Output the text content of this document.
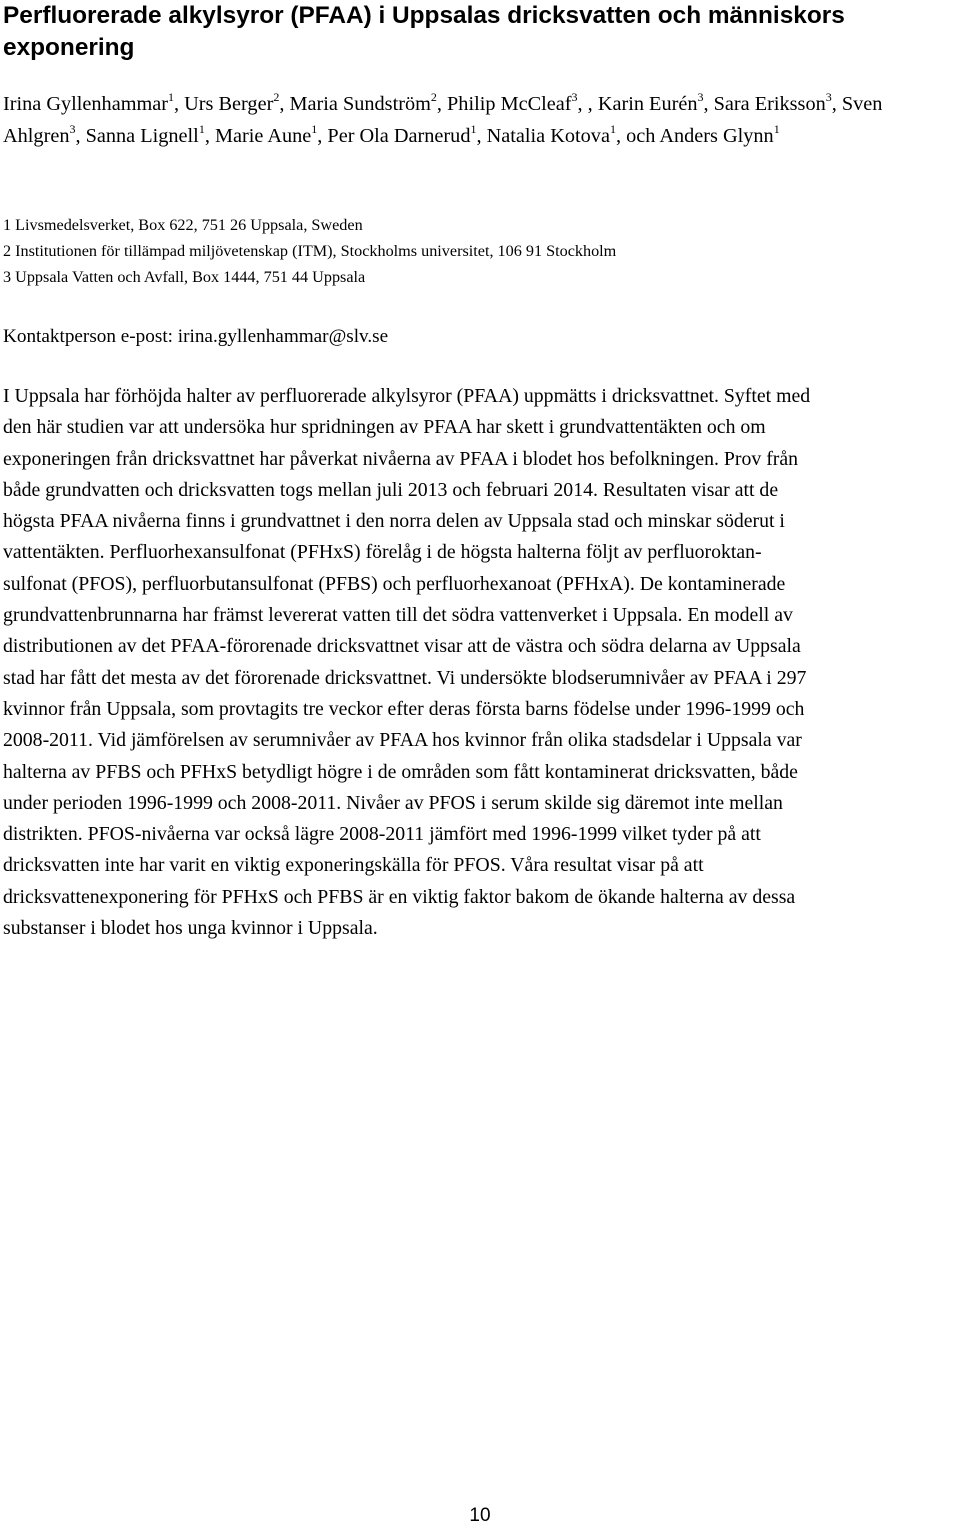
Perfluorerade alkylsyror (PFAA) i Uppsalas dricksvatten och människors exponering
Irina Gyllenhammar$^1$, Urs Berger$^2$, Maria Sundström$^2$, Philip McCleaf$^3$, , Karin Eurén$^3$, Sara Eriksson$^3$, Sven Ahlgren$^3$, Sanna Lignell$^1$, Marie Aune$^1$, Per Ola Darnerud$^1$, Natalia Kotova$^1$, och Anders Glynn$^1$
1 Livsmedelsverket, Box 622, 751 26 Uppsala, Sweden
2 Institutionen för tillämpad miljövetenskap (ITM), Stockholms universitet, 106 91 Stockholm
3 Uppsala Vatten och Avfall, Box 1444, 751 44 Uppsala
Kontaktperson e-post: irina.gyllenhammar@slv.se
I Uppsala har förhöjda halter av perfluorerade alkylsyror (PFAA) uppmätts i dricksvattnet. Syftet med
den här studien var att undersöka hur spridningen av PFAA har skett i grundvattentäkten och om
exponeringen från dricksvattnet har påverkat nivåerna av PFAA i blodet hos befolkningen. Prov från
både grundvatten och dricksvatten togs mellan juli 2013 och februari 2014. Resultaten visar att de
högsta PFAA nivåerna finns i grundvattnet i den norra delen av Uppsala stad och minskar söderut i
vattentäkten. Perfluorhexansulfonat (PFHxS) förelåg i de högsta halterna följt av perfluoroktan-
sulfonat (PFOS), perfluorbutansulfonat (PFBS) och perfluorhexanoat (PFHxA). De kontaminerade
grundvattenbrunnarna har främst levererat vatten till det södra vattenverket i Uppsala. En modell av
distributionen av det PFAA-förorenade dricksvattnet visar att de västra och södra delarna av Uppsala
stad har fått det mesta av det förorenade dricksvattnet. Vi undersökte blodserumnivåer av PFAA i 297
kvinnor från Uppsala, som provtagits tre veckor efter deras första barns födelse under 1996-1999 och
2008-2011. Vid jämförelsen av serumnivåer av PFAA hos kvinnor från olika stadsdelar i Uppsala var
halterna av PFBS och PFHxS betydligt högre i de områden som fått kontaminerat dricksvatten, både
under perioden 1996-1999 och 2008-2011. Nivåer av PFOS i serum skilde sig däremot inte mellan
distrikten. PFOS-nivåerna var också lägre 2008-2011 jämfört med 1996-1999 vilket tyder på att
dricksvatten inte har varit en viktig exponeringskälla för PFOS. Våra resultat visar på att
dricksvattenexponering för PFHxS och PFBS är en viktig faktor bakom de ökande halterna av dessa
substanser i blodet hos unga kvinnor i Uppsala.
10
